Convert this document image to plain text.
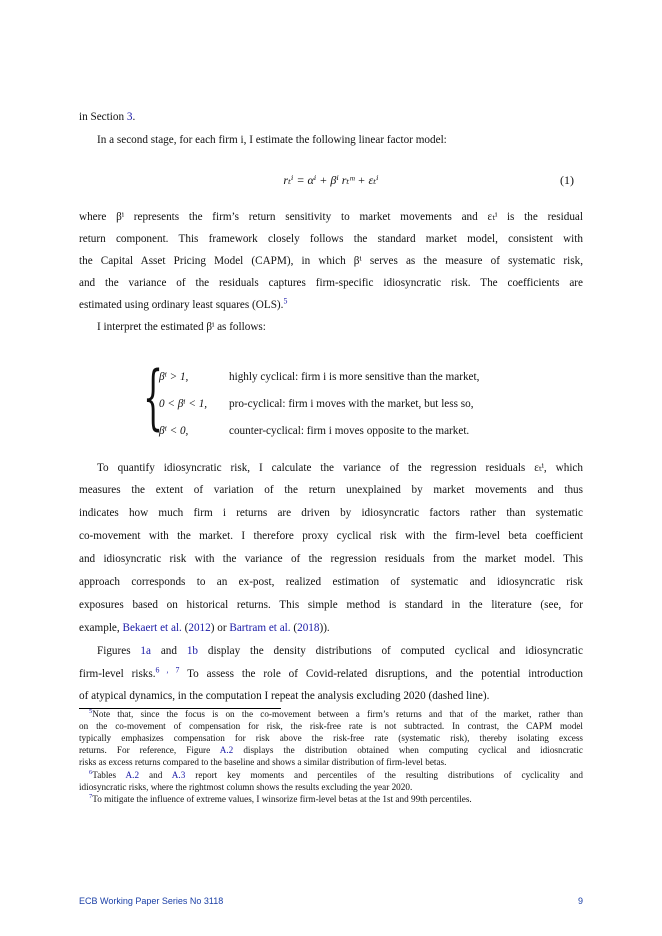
in Section 3.
In a second stage, for each firm i, I estimate the following linear factor model:
where βⁱ represents the firm’s return sensitivity to market movements and εₜⁱ is the residual
return component. This framework closely follows the standard market model, consistent with
the Capital Asset Pricing Model (CAPM), in which βⁱ serves as the measure of systematic risk,
and the variance of the residuals captures firm-specific idiosyncratic risk. The coefficients are
estimated using ordinary least squares (OLS).$^5$
I interpret the estimated βⁱ as follows:
To quantify idiosyncratic risk, I calculate the variance of the regression residuals εₜⁱ, which
measures the extent of variation of the return unexplained by market movements and thus
indicates how much firm i returns are driven by idiosyncratic factors rather than systematic
co-movement with the market. I therefore proxy cyclical risk with the firm-level beta coefficient
and idiosyncratic risk with the variance of the regression residuals from the market model. This
approach corresponds to an ex-post, realized estimation of systematic and idiosyncratic risk
exposures based on historical returns. This simple method is standard in the literature (see, for
example, Bekaert et al. (2012) or Bartram et al. (2018)).
Figures 1a and 1b display the density distributions of computed cyclical and idiosyncratic
firm-level risks.$^{6 , 7}$ To assess the role of Covid-related disruptions, and the potential introduction
of atypical dynamics, in the computation I repeat the analysis excluding 2020 (dashed line).
rₜⁱ = αⁱ + βⁱ rₜᵐ + εₜⁱ	(1)
{
βⁱ > 1,	highly cyclical: firm i is more sensitive than the market,
0 < βⁱ < 1, pro-cyclical: firm i moves with the market, but less so,
βⁱ < 0,	counter-cyclical: firm i moves opposite to the market.
$^5$Note that, since the focus is on the co-movement between a firm’s returns and that of the market, rather than
on the co-movement of compensation for risk, the risk-free rate is not subtracted. In contrast, the CAPM model
typically emphasizes compensation for risk above the risk-free rate (systematic risk), thereby isolating excess
returns. For reference, Figure A.2 displays the distribution obtained when computing cyclical and idiosncratic
risks as excess returns compared to the baseline and shows a similar distribution of firm-level betas.
$^6$Tables A.2 and A.3 report key moments and percentiles of the resulting distributions of cyclicality and
idiosyncratic risks, where the rightmost column shows the results excluding the year 2020.
$^7$To mitigate the influence of extreme values, I winsorize firm-level betas at the 1st and 99th percentiles.
ECB Working Paper Series No 3118	9
